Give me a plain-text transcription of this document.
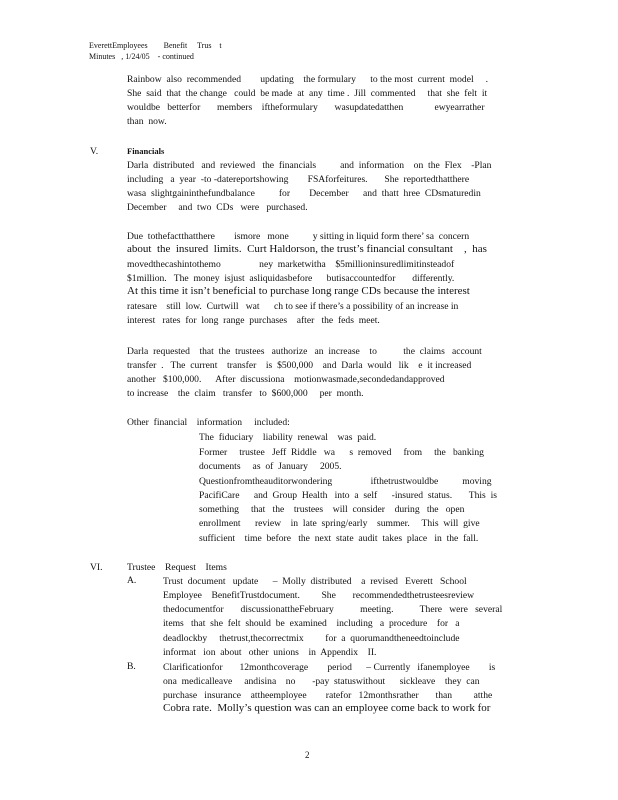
EverettEmployees        Benefit     Trus    t
Minutes   , 1/24/05    - continued
Rainbow  also  recommended        updating    the formulary      to the most  current  model     .
She  said  that  the change   could  be made  at  any  time .  Jill  commented     that  she  felt  it
wouldbe   betterfor       members    iftheformulary       wasupdatedatthen             ewyearrather
than  now.
V.	Financials
Darla  distributed   and  reviewed   the  financials          and  information    on  the  Flex    -Plan
including   a  year  -to -datereportshowing        FSAforfeitures.       She  reportedthatthere
wasa  slightgaininthefundbalance          for        December      and  thatt  hree  CDsmaturedin
December     and  two  CDs   were   purchased.
Due  tothefactthatthere        ismore   mone          y sitting in liquid form there’ sa  concern
about  the  insured  limits.  Curt Haldorson, the trust’s financial consultant    ,  has
movedthecashintothemo                ney  marketwitha    $5millioninsuredlimitinsteadof
$1million.   The  money  isjust  asliquidasbefore      butisaccountedfor       differently.
At this time it isn’t beneficial to purchase long range CDs because the interest
ratesare    still  low.  Curtwill   wat      ch to see if there’s a possibility of an increase in
interest   rates  for  long  range  purchases    after   the  feds  meet.
Darla  requested    that  the  trustees   authorize   an  increase    to           the  claims   account
transfer  .   The  current    transfer    is  $500,000    and  Darla  would   lik    e  it increased
another   $100,000.      After  discussiona    motionwasmade,secondedandapproved
to increase    the  claim   transfer   to  $600,000     per  month.
Other  financial    information     included:
The  fiduciary    liability  renewal    was  paid.
Former     trustee   Jeff  Riddle   wa      s  removed     from     the   banking
documents     as  of  January     2005.
Questionfromtheauditorwondering                ifthetrustwouldbe          moving
PacifiCare      and  Group  Health   into  a  self      -insured  status.       This  is
something     that   the    trustees    will  consider    during   the   open
enrollment      review    in  late  spring/early    summer.     This  will  give
sufficient    time  before   the  next  state  audit  takes  place   in  the  fall.
VI.	Trustee    Request    Items
A.	Trust  document   update      –  Molly  distributed    a  revised   Everett   School
Employee    BenefitTrustdocument.         She       recommendedthetrusteesreview
thedocumentfor       discussionattheFebruary           meeting.           There   were   several
items   that  she  felt  should  be  examined    including   a  procedure    for   a
deadlockby     thetrust,thecorrectmix         for  a  quorumandtheneedtoinclude
informat   ion  about   other  unions    in  Appendix    II.
B.	Clarificationfor       12monthcoverage        period      – Currently   ifanemployee        is
ona  medicalleave     andisina    no       -pay  statuswithout      sickleave    they  can
purchase   insurance    attheemployee        ratefor   12monthsrather       than         atthe
Cobra rate.  Molly’s question was can an employee come back to work for
2
